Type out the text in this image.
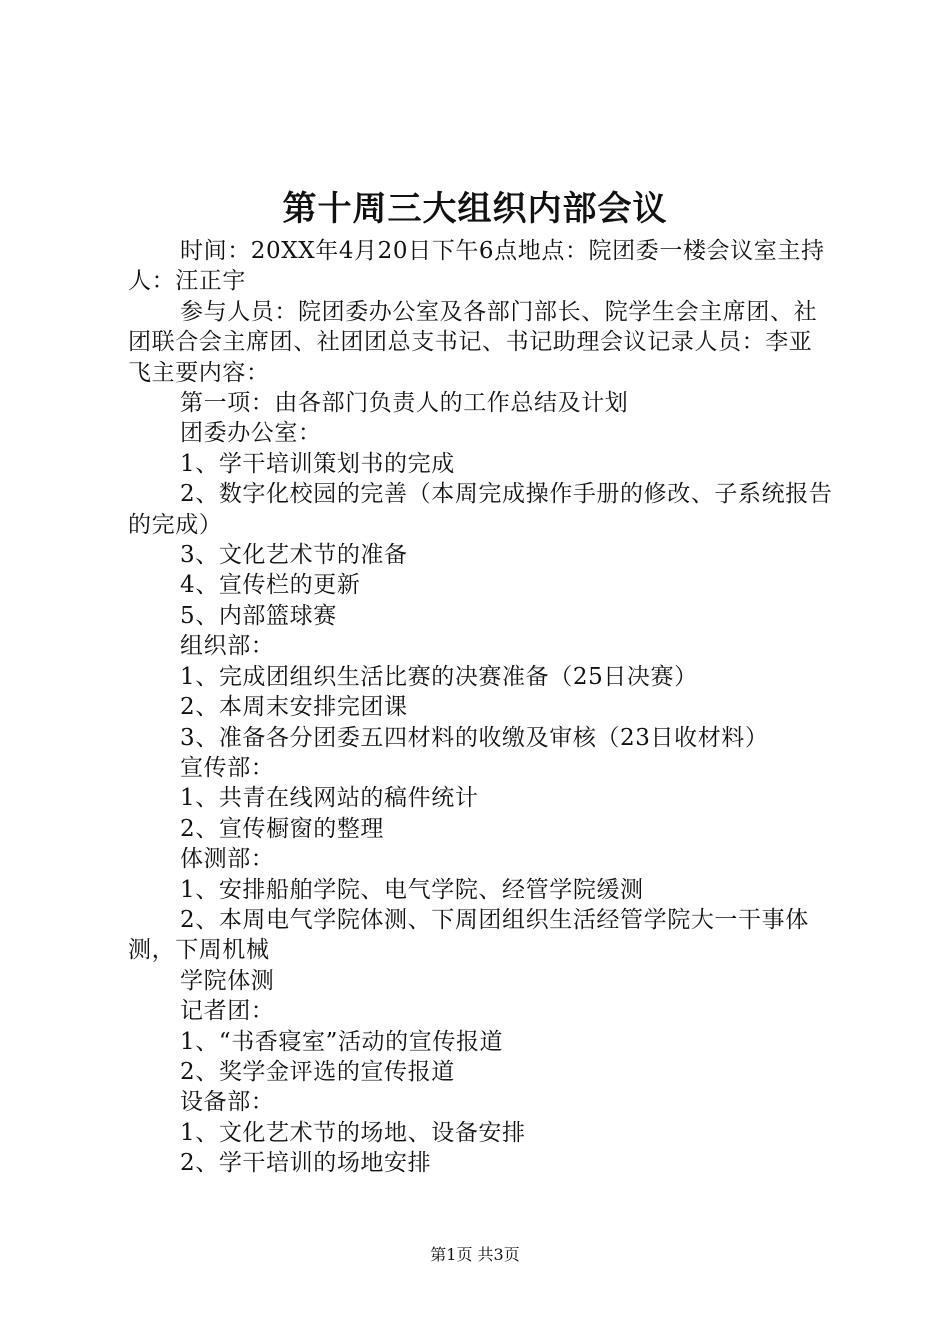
第十周三大组织内部会议

时间：20XX年4月20日下午6点地点：院团委一楼会议室主持人：汪正宇

参与人员：院团委办公室及各部门部长、院学生会主席团、社团联合会主席团、社团团总支书记、书记助理会议记录人员：李亚飞主要内容：

第一项：由各部门负责人的工作总结及计划

团委办公室：

1、学干培训策划书的完成

2、数字化校园的完善（本周完成操作手册的修改、子系统报告的完成）

3、文化艺术节的准备

4、宣传栏的更新

5、内部篮球赛

组织部：

1、完成团组织生活比赛的决赛准备（25日决赛）

2、本周末安排完团课

3、准备各分团委五四材料的收缴及审核（23日收材料）

宣传部：

1、共青在线网站的稿件统计

2、宣传橱窗的整理

体测部：

1、安排船舶学院、电气学院、经管学院缓测

2、本周电气学院体测、下周团组织生活经管学院大一干事体测，下周机械

学院体测

记者团：

1、“书香寝室”活动的宣传报道

2、奖学金评选的宣传报道

设备部：

1、文化艺术节的场地、设备安排

2、学干培训的场地安排

第1页 共3页
